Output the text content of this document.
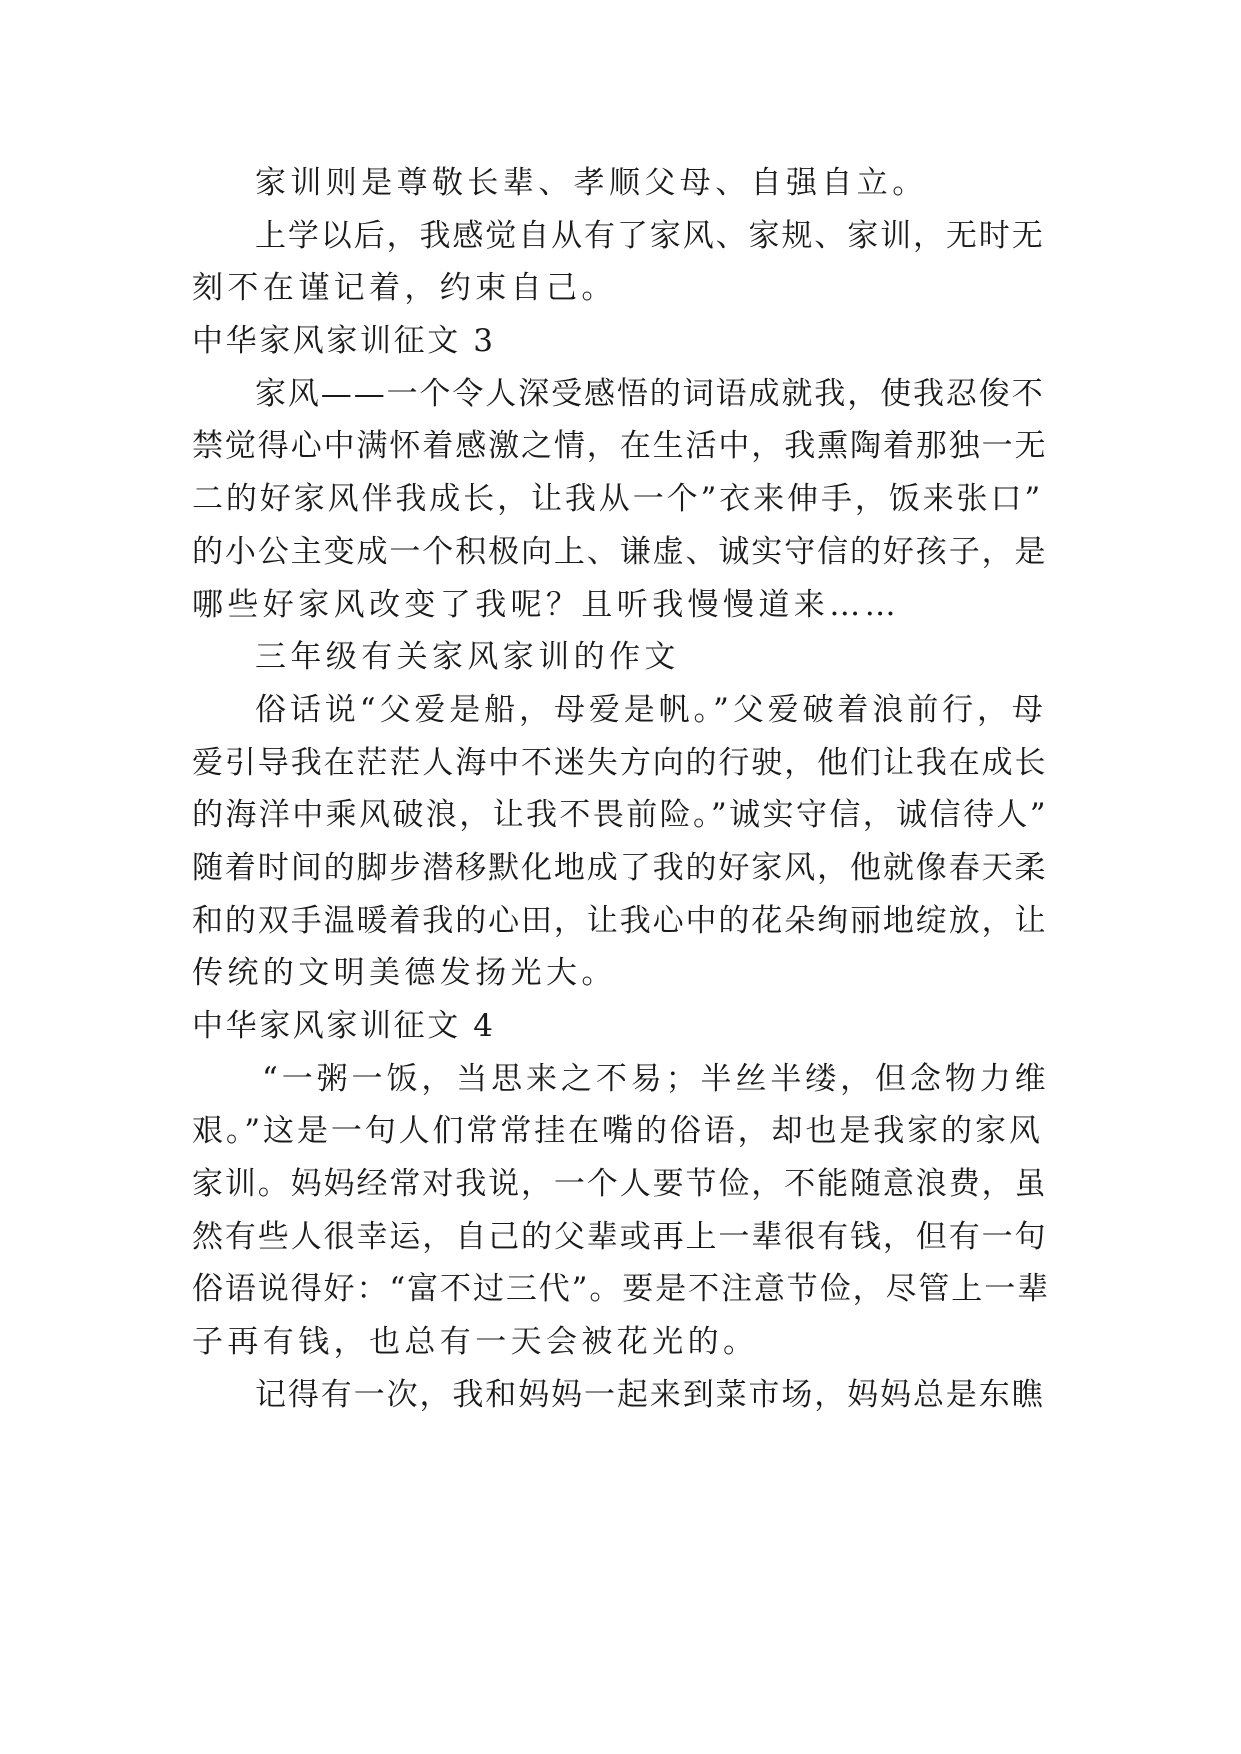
家训则是尊敬长辈、孝顺父母、自强自立。
上学以后，我感觉自从有了家风、家规、家训，无时无
刻不在谨记着，约束自己。
中华家风家训征文 3
家风——一个令人深受感悟的词语成就我，使我忍俊不
禁觉得心中满怀着感激之情，在生活中，我熏陶着那独一无
二的好家风伴我成长，让我从一个”衣来伸手，饭来张口”
的小公主变成一个积极向上、谦虚、诚实守信的好孩子，是
哪些好家风改变了我呢？且听我慢慢道来……
三年级有关家风家训的作文
俗话说“父爱是船，母爱是帆。”父爱破着浪前行，母
爱引导我在茫茫人海中不迷失方向的行驶，他们让我在成长
的海洋中乘风破浪，让我不畏前险。”诚实守信，诚信待人”
随着时间的脚步潜移默化地成了我的好家风，他就像春天柔
和的双手温暖着我的心田，让我心中的花朵绚丽地绽放，让
传统的文明美德发扬光大。
中华家风家训征文 4
“一粥一饭，当思来之不易；半丝半缕，但念物力维
艰。”这是一句人们常常挂在嘴的俗语，却也是我家的家风
家训。妈妈经常对我说，一个人要节俭，不能随意浪费，虽
然有些人很幸运，自己的父辈或再上一辈很有钱，但有一句
俗语说得好：“富不过三代”。要是不注意节俭，尽管上一辈
子再有钱，也总有一天会被花光的。
记得有一次，我和妈妈一起来到菜市场，妈妈总是东瞧
